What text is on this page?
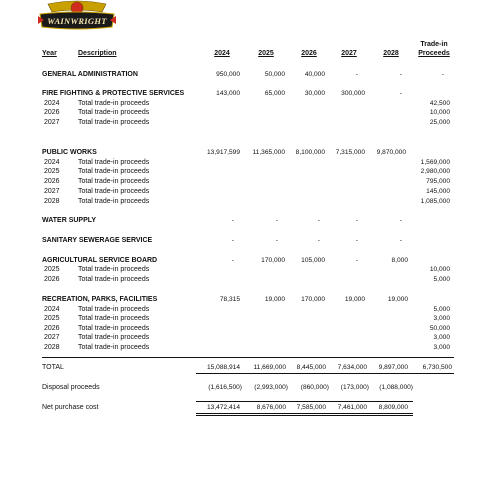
WAINWRIGHT
Year	Description	2024	2025	2026	2027	2028
Trade-in
Proceeds
GENERAL ADMINISTRATION	950,000	50,000	40,000	-	-	-
FIRE FIGHTING & PROTECTIVE SERVICES	143,000	65,000	30,000	300,000	-
2024	Total trade-in proceeds	42,500
2026	Total trade-in proceeds	10,000
2027	Total trade-in proceeds	25,000
PUBLIC WORKS	13,917,599	11,365,000	8,100,000	7,315,000	9,870,000
2024	Total trade-in proceeds	1,569,000
2025	Total trade-in proceeds	2,980,000
2026	Total trade-in proceeds	795,000
2027	Total trade-in proceeds	145,000
2028	Total trade-in proceeds	1,085,000
WATER SUPPLY	-	-	-	-	-
SANITARY SEWERAGE SERVICE	-	-	-	-	-
AGRICULTURAL SERVICE BOARD	-	170,000	105,000	-	8,000
2025	Total trade-in proceeds	10,000
2026	Total trade-in proceeds	5,000
RECREATION, PARKS, FACILITIES	78,315	19,000	170,000	19,000	19,000
2024	Total trade-in proceeds	5,000
2025	Total trade-in proceeds	3,000
2026	Total trade-in proceeds	50,000
2027	Total trade-in proceeds	3,000
2028	Total trade-in proceeds	3,000
TOTAL	15,088,914	11,669,000	8,445,000	7,634,000	9,897,000	6,730,500
Disposal proceeds	(1,616,500)	(2,993,000)	(860,000)	(173,000)	(1,088,000)
Net purchase cost	13,472,414	8,676,000	7,585,000	7,461,000	8,809,000
